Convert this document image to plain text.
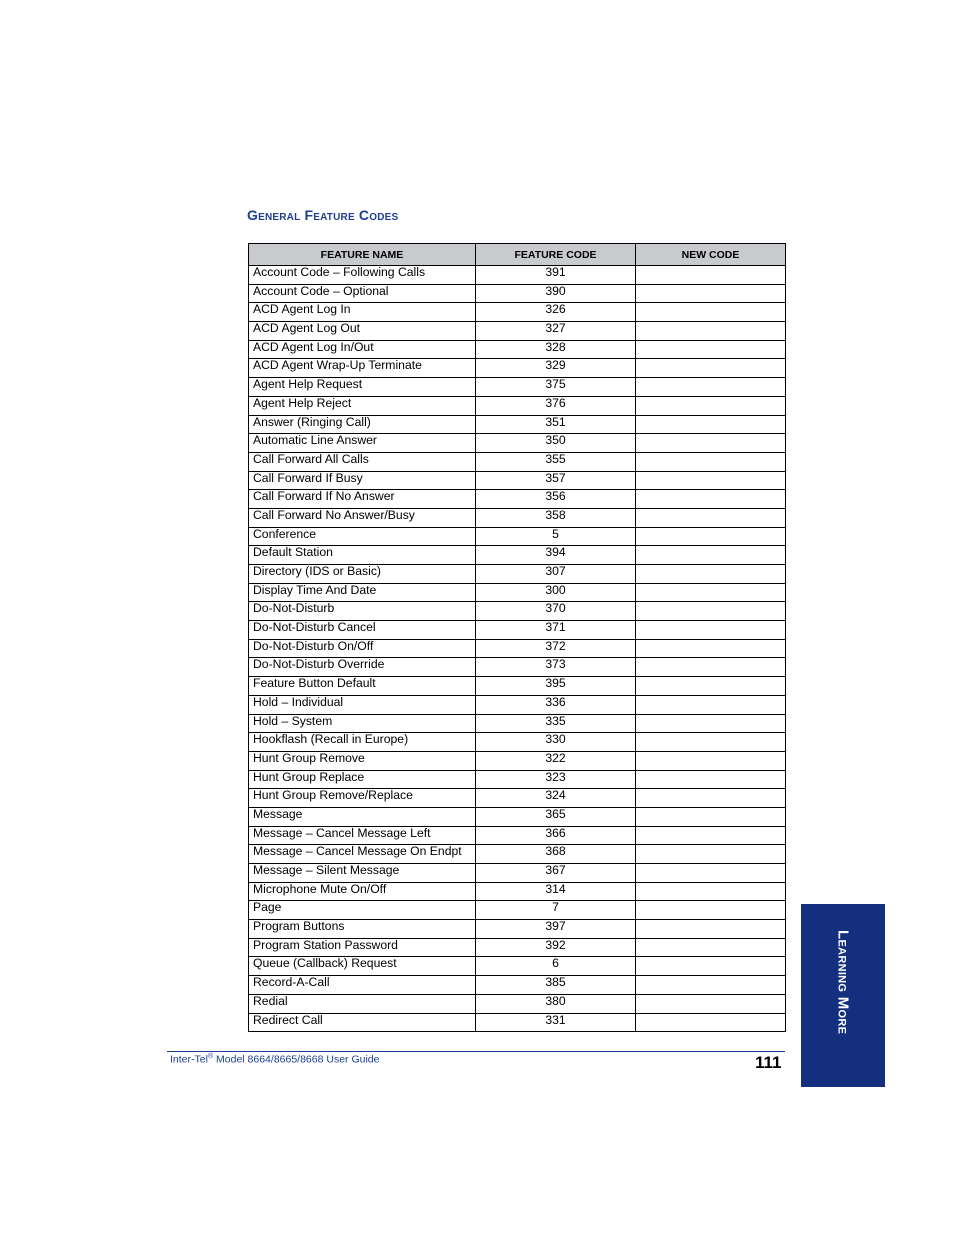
General Feature Codes
FEATURE NAME	FEATURE CODE	NEW CODE
Account Code – Following Calls	391	
Account Code – Optional	390	
ACD Agent Log In	326	
ACD Agent Log Out	327	
ACD Agent Log In/Out	328	
ACD Agent Wrap-Up Terminate	329	
Agent Help Request	375	
Agent Help Reject	376	
Answer (Ringing Call)	351	
Automatic Line Answer	350	
Call Forward All Calls	355	
Call Forward If Busy	357	
Call Forward If No Answer	356	
Call Forward No Answer/Busy	358	
Conference	5	
Default Station	394	
Directory (IDS or Basic)	307	
Display Time And Date	300	
Do-Not-Disturb	370	
Do-Not-Disturb Cancel	371	
Do-Not-Disturb On/Off	372	
Do-Not-Disturb Override	373	
Feature Button Default	395	
Hold – Individual	336	
Hold – System	335	
Hookflash (Recall in Europe)	330	
Hunt Group Remove	322	
Hunt Group Replace	323	
Hunt Group Remove/Replace	324	
Message	365	
Message – Cancel Message Left	366	
Message – Cancel Message On Endpt	368	
Message – Silent Message	367	
Microphone Mute On/Off	314	
Page	7	
Program Buttons	397	
Program Station Password	392	
Queue (Callback) Request	6	
Record-A-Call	385	
Redial	380	
Redirect Call	331	
Inter-Tel® Model 8664/8665/8668 User Guide	111
Learning More
